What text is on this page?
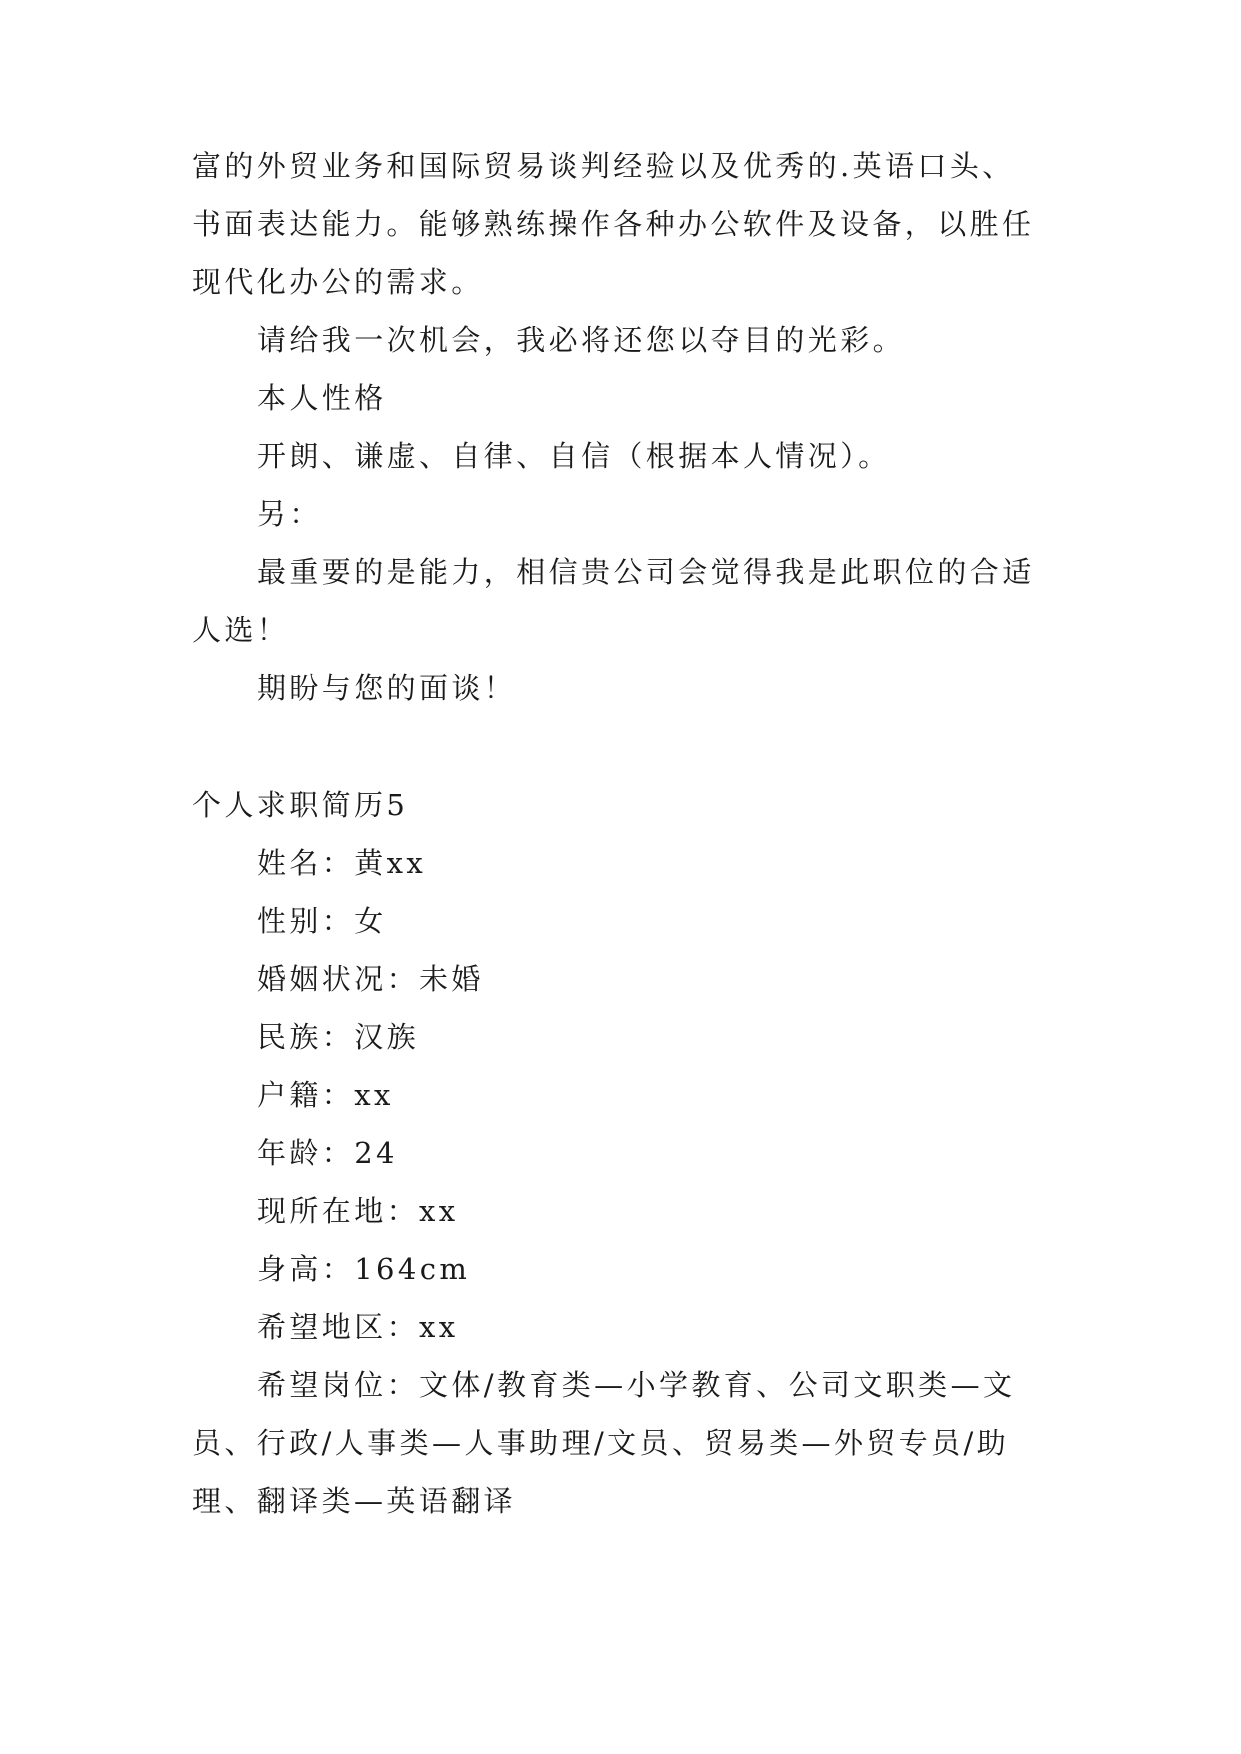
富的外贸业务和国际贸易谈判经验以及优秀的.英语口头、
书面表达能力。能够熟练操作各种办公软件及设备，以胜任
现代化办公的需求。
请给我一次机会，我必将还您以夺目的光彩。
本人性格
开朗、谦虚、自律、自信（根据本人情况）。
另：
最重要的是能力，相信贵公司会觉得我是此职位的合适
人选！
期盼与您的面谈！
个人求职简历5
姓名：黄xx
性别：女
婚姻状况：未婚
民族：汉族
户籍：xx
年龄：24
现所在地：xx
身高：164cm
希望地区：xx
希望岗位：文体/教育类—小学教育、公司文职类—文
员、行政/人事类—人事助理/文员、贸易类—外贸专员/助
理、翻译类—英语翻译
